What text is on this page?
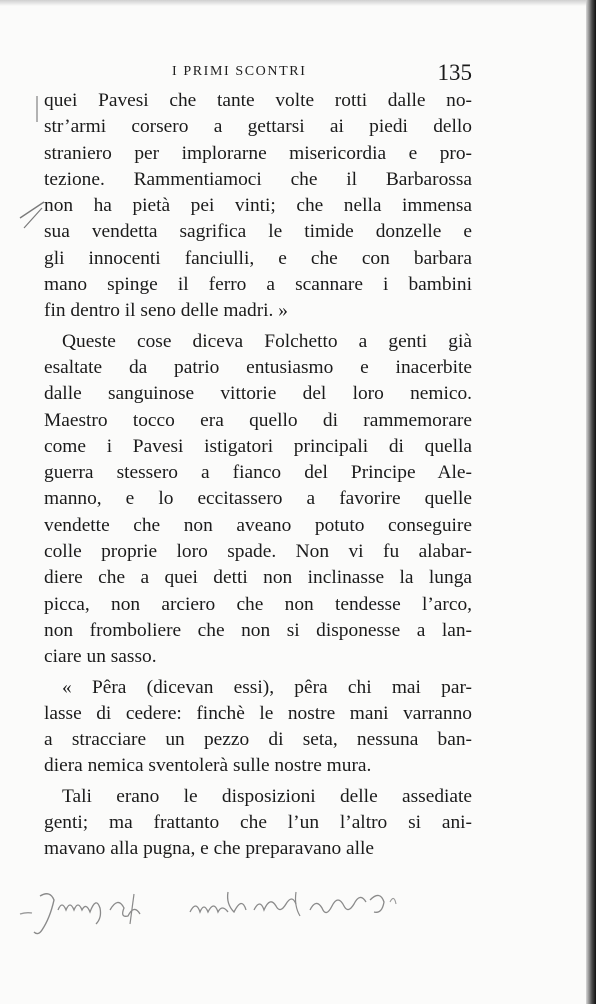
I PRIMI SCONTRI	135
quei Pavesi che tante volte rotti dalle no-
str’armi corsero a gettarsi ai piedi dello
straniero per implorarne misericordia e pro-
tezione. Rammentiamoci che il Barbarossa
non ha pietà pei vinti; che nella immensa
sua vendetta sagrifica le timide donzelle e
gli innocenti fanciulli, e che con barbara
mano spinge il ferro a scannare i bambini
fin dentro il seno delle madri. »
Queste cose diceva Folchetto a genti già
esaltate da patrio entusiasmo e inacerbite
dalle sanguinose vittorie del loro nemico.
Maestro tocco era quello di rammemorare
come i Pavesi istigatori principali di quella
guerra stessero a fianco del Principe Ale-
manno, e lo eccitassero a favorire quelle
vendette che non aveano potuto conseguire
colle proprie loro spade. Non vi fu alabar-
diere che a quei detti non inclinasse la lunga
picca, non arciero che non tendesse l’arco,
non fromboliere che non si disponesse a lan-
ciare un sasso.
« Pêra (dicevan essi), pêra chi mai par-
lasse di cedere: finchè le nostre mani varranno
a stracciare un pezzo di seta, nessuna ban-
diera nemica sventolerà sulle nostre mura.
Tali erano le disposizioni delle assediate
genti; ma frattanto che l’un l’altro si ani-
mavano alla pugna, e che preparavano alle
